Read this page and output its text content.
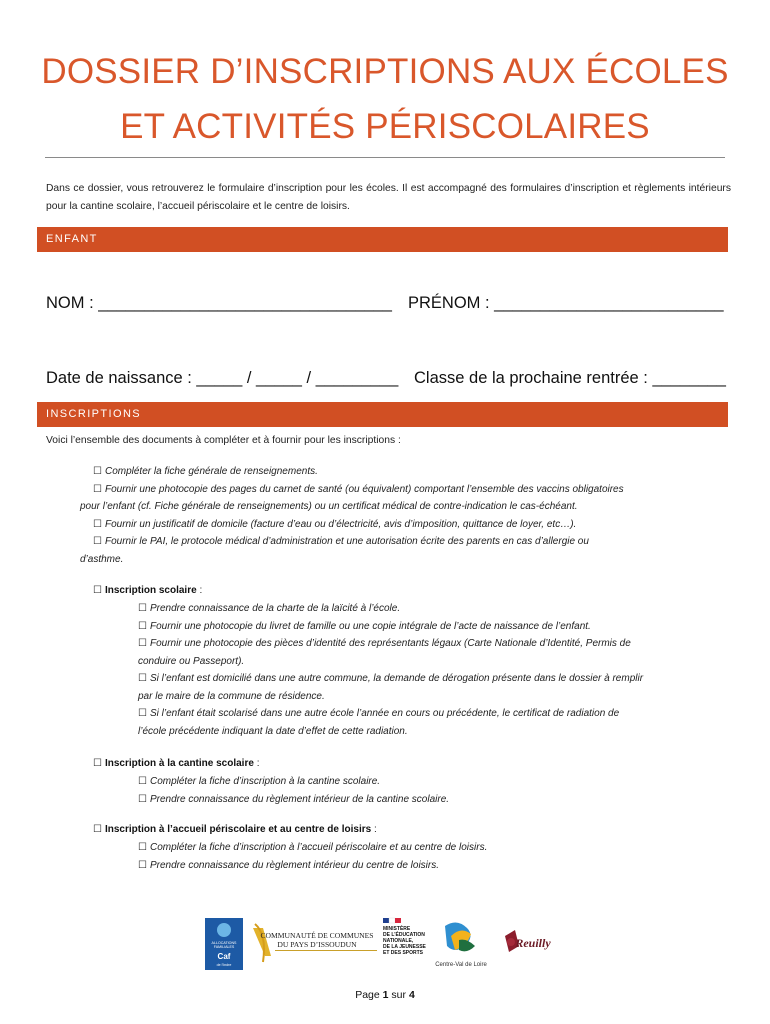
DOSSIER D’INSCRIPTIONS AUX ÉCOLES
ET ACTIVITÉS PÉRISCOLAIRES
Dans ce dossier, vous retrouverez le formulaire d’inscription pour les écoles. Il est accompagné des formulaires d’inscription et règlements intérieurs pour la cantine scolaire, l’accueil périscolaire et le centre de loisirs.
ENFANT
NOM : ________________________________ PRÉNOM : _________________________
Date de naissance : _____ / _____ / _________ Classe de la prochaine rentrée : ________
INSCRIPTIONS
Voici l’ensemble des documents à compléter et à fournir pour les inscriptions :
☐ Compléter la fiche générale de renseignements.
☐ Fournir une photocopie des pages du carnet de santé (ou équivalent) comportant l’ensemble des vaccins obligatoires
pour l’enfant (cf. Fiche générale de renseignements) ou un certificat médical de contre-indication le cas-échéant.
☐ Fournir un justificatif de domicile (facture d’eau ou d’électricité, avis d’imposition, quittance de loyer, etc…).
☐ Fournir le PAI, le protocole médical d’administration et une autorisation écrite des parents en cas d’allergie ou
d’asthme.
☐ Inscription scolaire :
☐ Prendre connaissance de la charte de la laïcité à l’école.
☐ Fournir une photocopie du livret de famille ou une copie intégrale de l’acte de naissance de l’enfant.
☐ Fournir une photocopie des pièces d’identité des représentants légaux (Carte Nationale d’Identité, Permis de
conduire ou Passeport).
☐ Si l’enfant est domicilié dans une autre commune, la demande de dérogation présente dans le dossier à remplir
par le maire de la commune de résidence.
☐ Si l’enfant était scolarisé dans une autre école l’année en cours ou précédente, le certificat de radiation de
l’école précédente indiquant la date d’effet de cette radiation.
☐ Inscription à la cantine scolaire :
☐ Compléter la fiche d’inscription à la cantine scolaire.
☐ Prendre connaissance du règlement intérieur de la cantine scolaire.
☐ Inscription à l’accueil périscolaire et au centre de loisirs :
☐ Compléter la fiche d’inscription à l’accueil périscolaire et au centre de loisirs.
☐ Prendre connaissance du règlement intérieur du centre de loisirs.
ALLOCATIONS
FAMILIALES
Caf
de l’Indre
COMMUNAUTÉ DE COMMUNES
DU PAYS D’ISSOUDUN
MINISTÈRE
DE L’ÉDUCATION
NATIONALE,
DE LA JEUNESSE
ET DES SPORTS
Centre-Val de Loire
Reuilly
Page 1 sur 4
